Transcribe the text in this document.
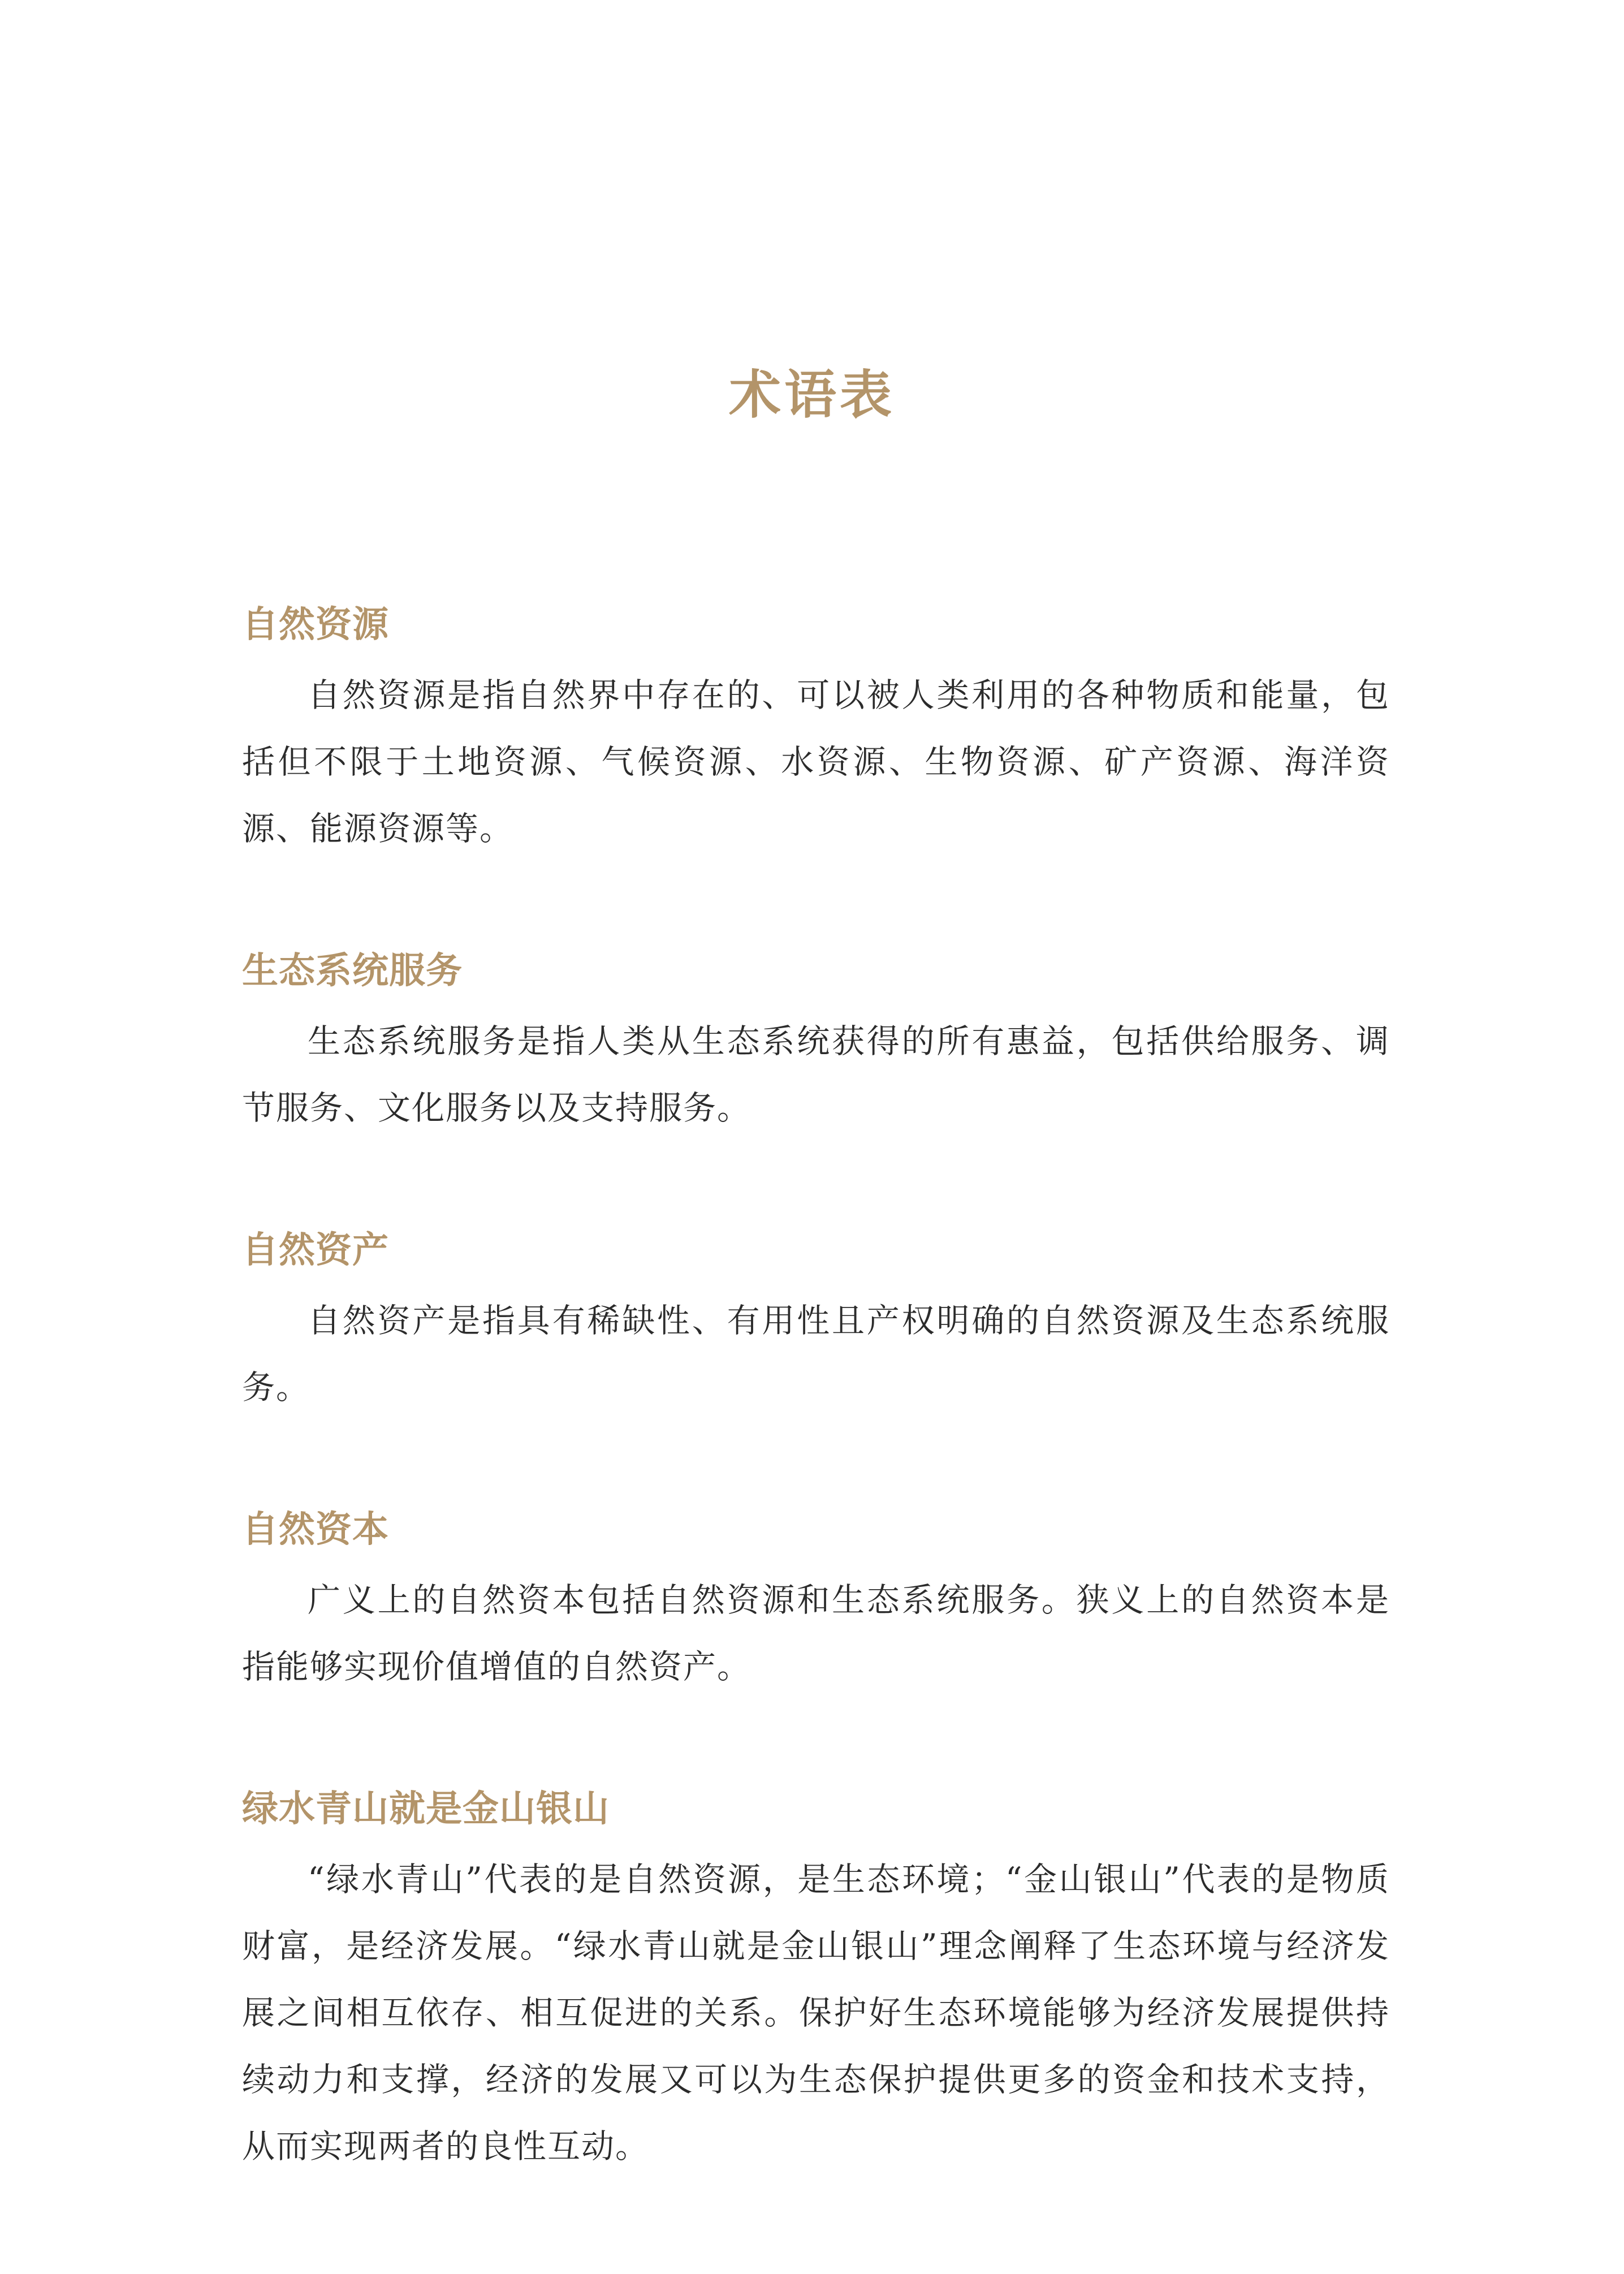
术语表
自然资源

自然资源是指自然界中存在的、可以被人类利用的各种物质和能量，包括但不限于土地资源、气候资源、水资源、生物资源、矿产资源、海洋资源、能源资源等。

生态系统服务

生态系统服务是指人类从生态系统获得的所有惠益，包括供给服务、调节服务、文化服务以及支持服务。

自然资产

自然资产是指具有稀缺性、有用性且产权明确的自然资源及生态系统服务。

自然资本

广义上的自然资本包括自然资源和生态系统服务。狭义上的自然资本是指能够实现价值增值的自然资产。

绿水青山就是金山银山

“绿水青山”代表的是自然资源，是生态环境；“金山银山”代表的是物质财富，是经济发展。“绿水青山就是金山银山”理念阐释了生态环境与经济发展之间相互依存、相互促进的关系。保护好生态环境能够为经济发展提供持续动力和支撑，经济的发展又可以为生态保护提供更多的资金和技术支持，从而实现两者的良性互动。
